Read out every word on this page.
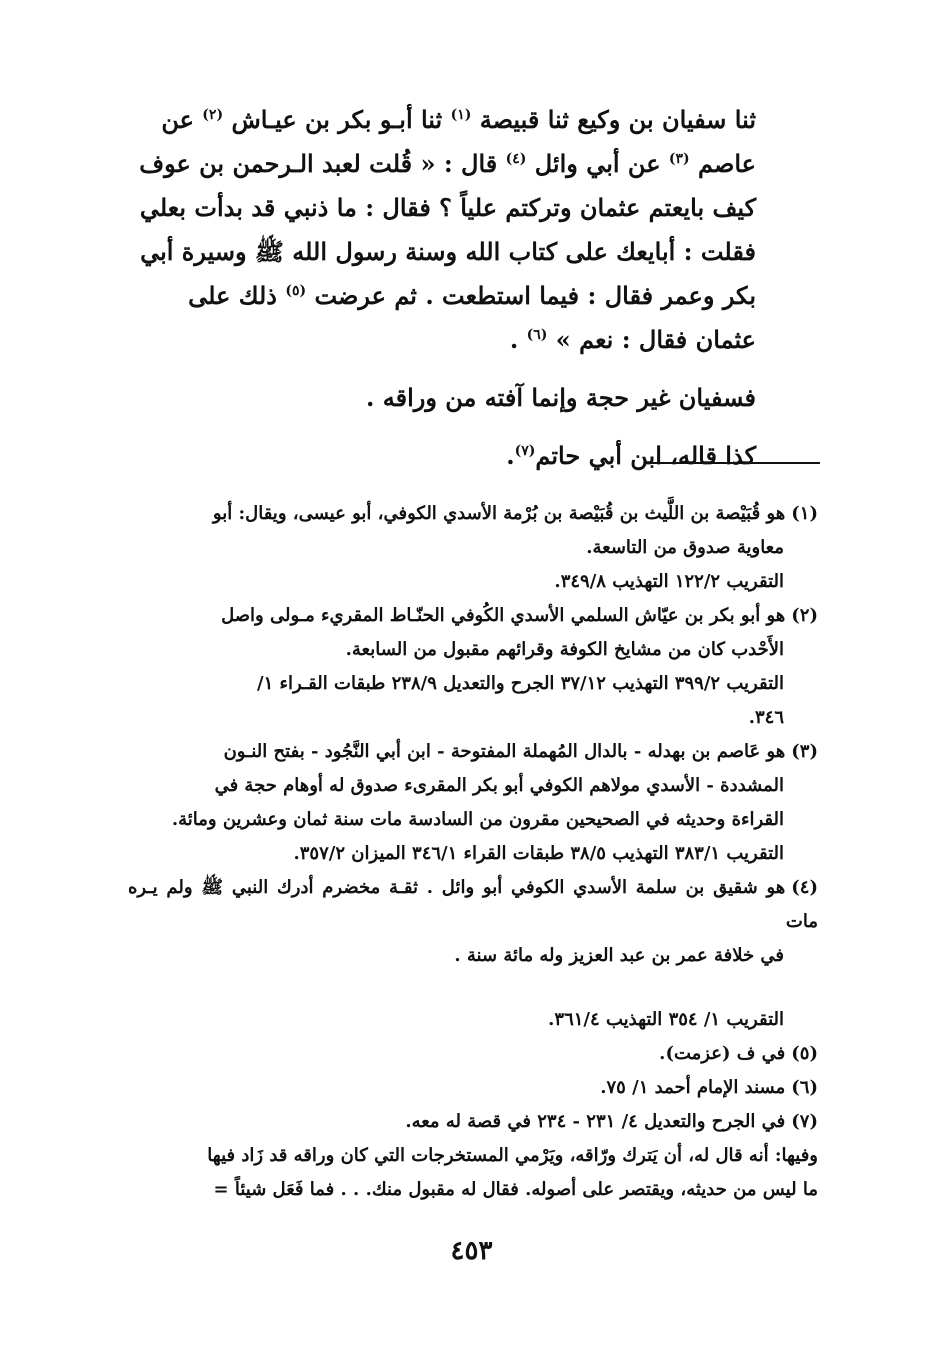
ثنا سفيان بن وكيع ثنا قبيصة $^{(١)}$ ثنا أبـو بكر بن عيـاش $^{(٢)}$ عن عاصم $^{(٣)}$ عن أبي وائل $^{(٤)}$ قال : « قُلت لعبد الـرحمن بن عوف كيف بايعتم عثمان وتركتم علياً ؟ فقال : ما ذنبي قد بدأت بعلي فقلت : أبايعك على كتاب الله وسنة رسول الله ﷺ وسيرة أبي بكر وعمر فقال : فيما استطعت . ثم عرضت $^{(٥)}$ ذلك على عثمان فقال : نعم » $^{(٦)}$ .

فسفيان غير حجة وإنما آفته من وراقه .

كذا قاله، ابن أبي حاتم$^{(٧)}$.

(١)هو قُبَيْصة بن اللَّيث بن قُبَيْصة بن بُرْمة الأسدي الكوفي، أبو عيسى، ويقال: أبو

معاوية صدوق من التاسعة.

التقريب ١٢٢/٢ التهذيب ٣٤٩/٨.

(٢)هو أبو بكر بن عيّاش السلمي الأسدي الكُوفي الحنّـاط المقريء مـولى واصل

الأَحْدب كان من مشايخ الكوفة وقرائهم مقبول من السابعة.

التقريب ٣٩٩/٢ التهذيب ٣٧/١٢ الجرح والتعديل ٢٣٨/٩ طبقات القـراء ١/

٣٤٦.

(٣)هو عَاصم بن بهدله - بالدال المُهملة المفتوحة - ابن أبي النَّجُود - بفتح النـون

المشددة - الأسدي مولاهم الكوفي أبو بكر المقرىء صدوق له أوهام حجة في

القراءة وحديثه في الصحيحين مقرون من السادسة مات سنة ثمان وعشرين ومائة.

التقريب ٣٨٣/١ التهذيب ٣٨/٥ طبقات القراء ٣٤٦/١ الميزان ٣٥٧/٢.

(٤)هو شقيق بن سلمة الأسدي الكوفي أبو وائل . ثقـة مخضرم أدرك النبي ﷺ ولم يـره مات

في خلافة عمر بن عبد العزيز وله مائة سنة .

التقريب ١/ ٣٥٤ التهذيب ٣٦١/٤.

(٥)في ف (عزمت).

(٦)مسند الإمام أحمد ١/ ٧٥.

(٧)في الجرح والتعديل ٤/ ٢٣١ - ٢٣٤ في قصة له معه.

وفيها: أنه قال له، أن يَترك ورّاقه، ويَرْمي المستخرجات التي كان وراقه قد زَاد فيها

ما ليس من حديثه، ويقتصر على أصوله. فقال له مقبول منك. . . فما فَعَل شيئاً =

٤٥٣
